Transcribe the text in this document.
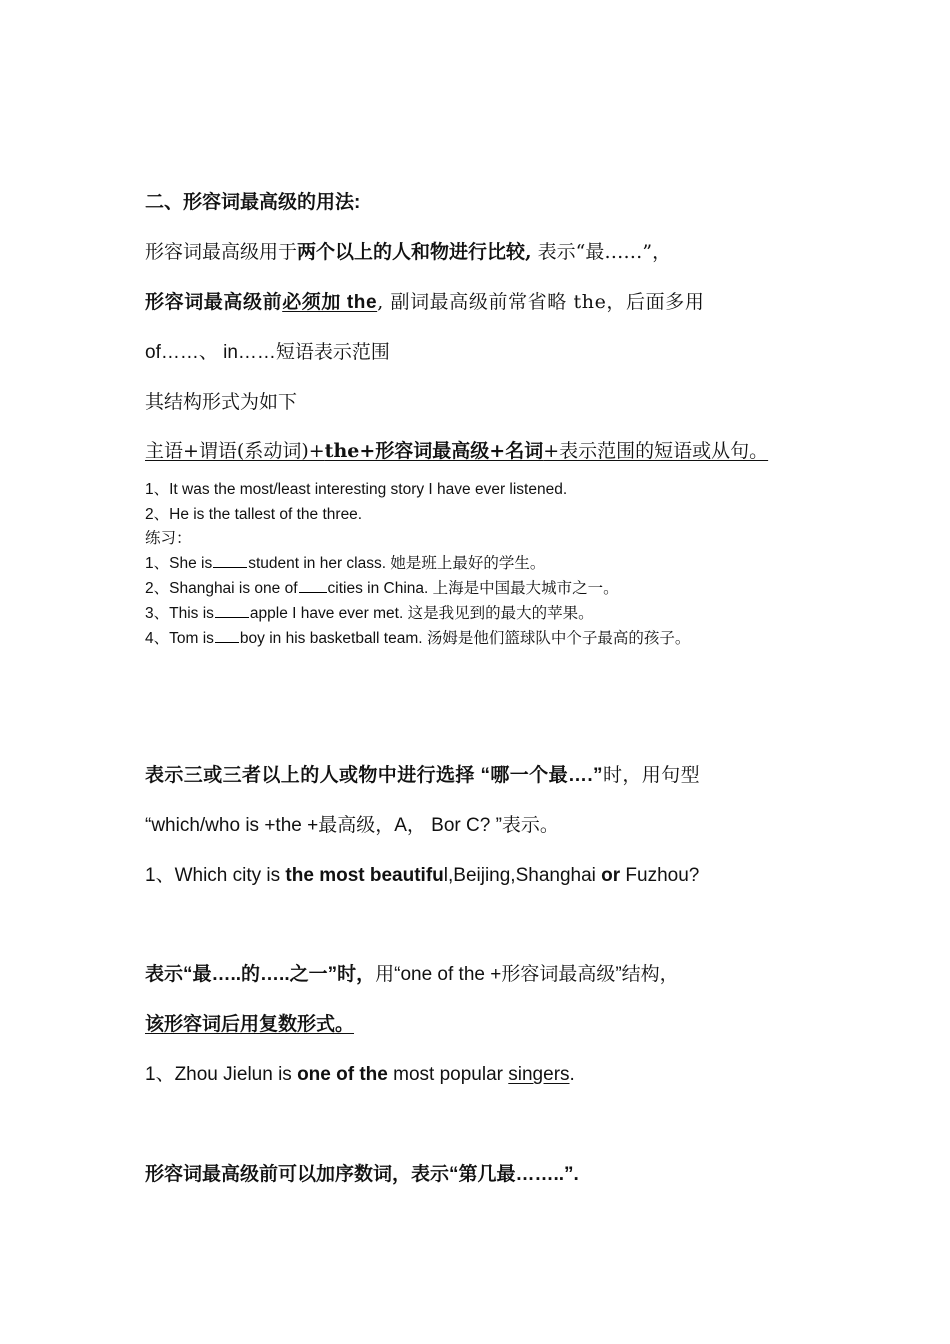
二、形容词最高级的用法:
形容词最高级用于两个以上的人和物进行比较, 表示“最……”，
形容词最高级前必须加 the, 副词最高级前常省略 the，后面多用
of……、 in……短语表示范围
其结构形式为如下
主语+谓语(系动词)+the+形容词最高级+名词+表示范围的短语或从句。
1、It was the most/least interesting story I have ever listened.
2、He is the tallest of the three.
练习：
1、She is student in her class. 她是班上最好的学生。
2、Shanghai is one of cities in China. 上海是中国最大城市之一。
3、This is apple I have ever met. 这是我见到的最大的苹果。
4、Tom is boy in his basketball team. 汤姆是他们篮球队中个子最高的孩子。
表示三或三者以上的人或物中进行选择 “哪一个最….”时，用句型
“which/who is +the +最高级，A， Bor C? ”表示。
1、Which city is the most beautiful,Beijing,Shanghai or Fuzhou?
表示“最…..的…..之一”时，用“one of the +形容词最高级”结构，
该形容词后用复数形式。
1、Zhou Jielun is one of the most popular singers.
形容词最高级前可以加序数词，表示“第几最……..”.
